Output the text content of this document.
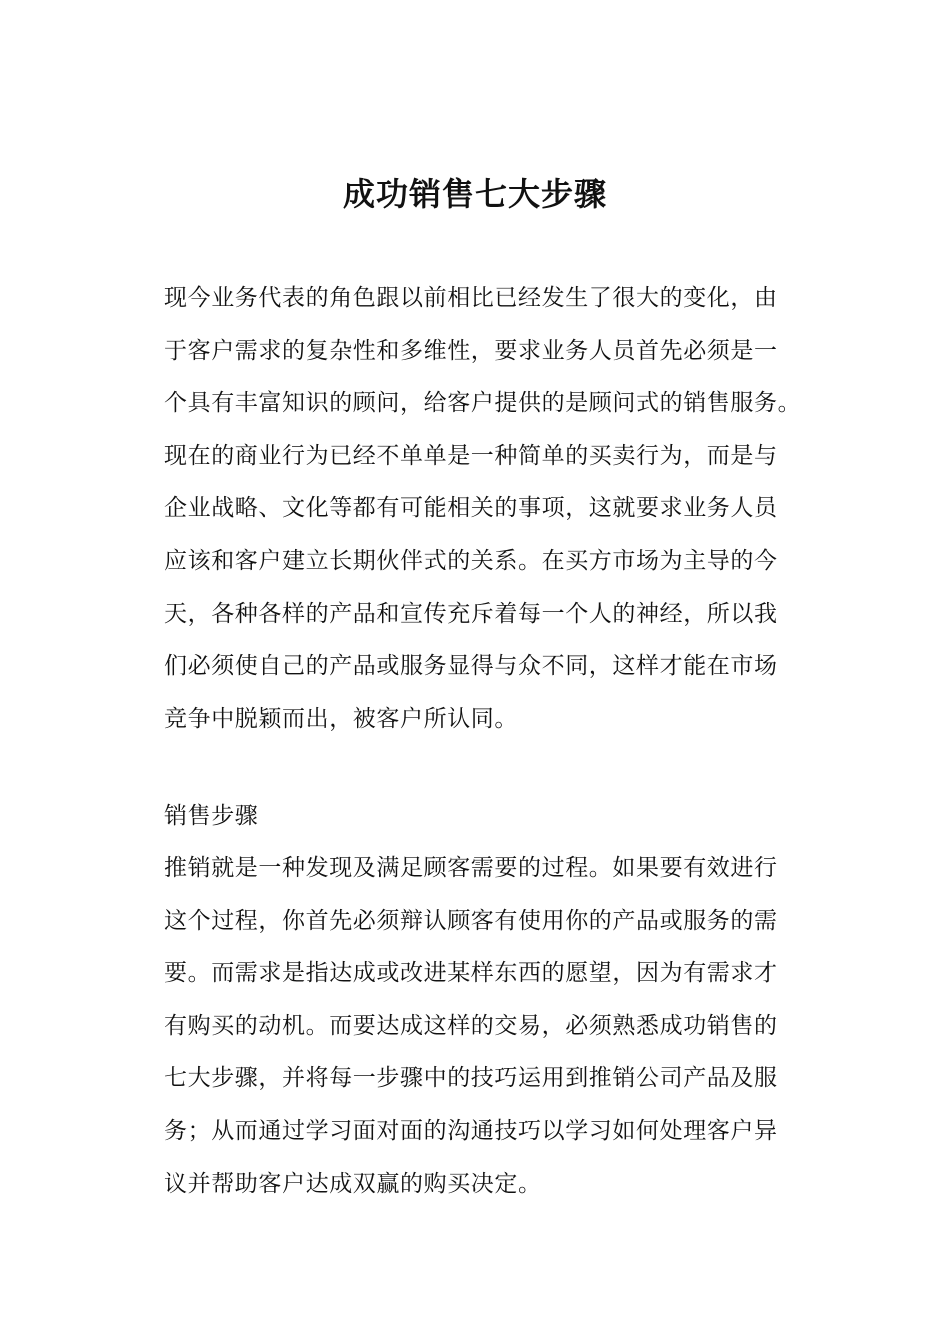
成功销售七大步骤
现今业务代表的角色跟以前相比已经发生了很大的变化，由
于客户需求的复杂性和多维性，要求业务人员首先必须是一
个具有丰富知识的顾问，给客户提供的是顾问式的销售服务。
现在的商业行为已经不单单是一种简单的买卖行为，而是与
企业战略、文化等都有可能相关的事项，这就要求业务人员
应该和客户建立长期伙伴式的关系。在买方市场为主导的今
天，各种各样的产品和宣传充斥着每一个人的神经，所以我
们必须使自己的产品或服务显得与众不同，这样才能在市场
竞争中脱颖而出，被客户所认同。
销售步骤
推销就是一种发现及满足顾客需要的过程。如果要有效进行
这个过程，你首先必须辩认顾客有使用你的产品或服务的需
要。而需求是指达成或改进某样东西的愿望，因为有需求才
有购买的动机。而要达成这样的交易，必须熟悉成功销售的
七大步骤，并将每一步骤中的技巧运用到推销公司产品及服
务；从而通过学习面对面的沟通技巧以学习如何处理客户异
议并帮助客户达成双赢的购买决定。
